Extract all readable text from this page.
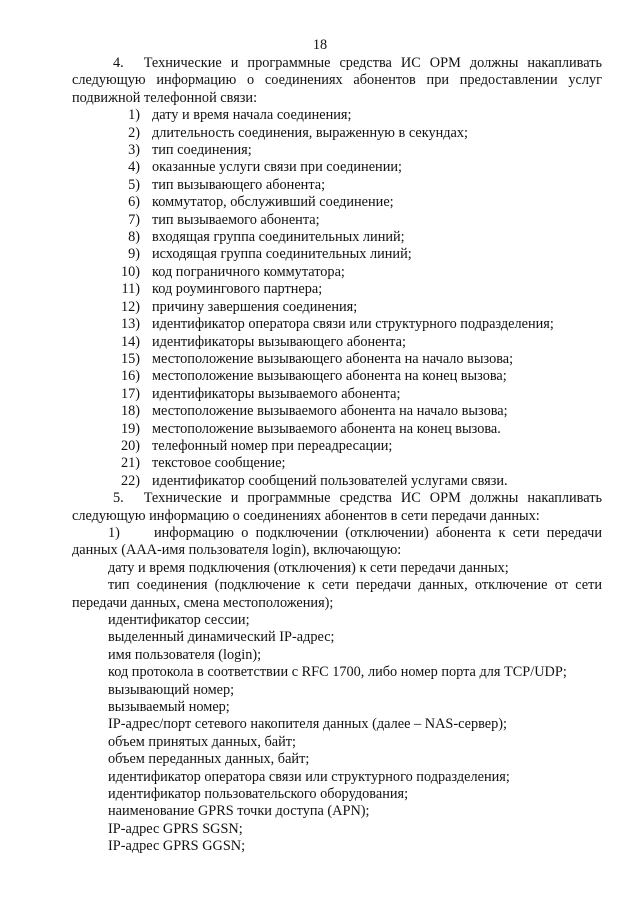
18
4. Технические и программные средства ИС ОРМ должны накапливать
следующую информацию о соединениях абонентов при предоставлении услуг
подвижной телефонной связи:
1) дату и время начала соединения;
2) длительность соединения, выраженную в секундах;
3) тип соединения;
4) оказанные услуги связи при соединении;
5) тип вызывающего абонента;
6) коммутатор, обслуживший соединение;
7) тип вызываемого абонента;
8) входящая группа соединительных линий;
9) исходящая группа соединительных линий;
10) код пограничного коммутатора;
11) код роумингового партнера;
12) причину завершения соединения;
13) идентификатор оператора связи или структурного подразделения;
14) идентификаторы вызывающего абонента;
15) местоположение вызывающего абонента на начало вызова;
16) местоположение вызывающего абонента на конец вызова;
17) идентификаторы вызываемого абонента;
18) местоположение вызываемого абонента на начало вызова;
19) местоположение вызываемого абонента на конец вызова.
20) телефонный номер при переадресации;
21) текстовое сообщение;
22) идентификатор сообщений пользователей услугами связи.
5. Технические и программные средства ИС ОРМ должны накапливать
следующую информацию о соединениях абонентов в сети передачи данных:
1) информацию о подключении (отключении) абонента к сети передачи
данных (AAA-имя пользователя login), включающую:
дату и время подключения (отключения) к сети передачи данных;
тип соединения (подключение к сети передачи данных, отключение от сети
передачи данных, смена местоположения);
идентификатор сессии;
выделенный динамический IP-адрес;
имя пользователя (login);
код протокола в соответствии с RFC 1700, либо номер порта для TCP/UDP;
вызывающий номер;
вызываемый номер;
IP-адрес/порт сетевого накопителя данных (далее – NAS-сервер);
объем принятых данных, байт;
объем переданных данных, байт;
идентификатор оператора связи или структурного подразделения;
идентификатор пользовательского оборудования;
наименование GPRS точки доступа (APN);
IP-адрес GPRS SGSN;
IP-адрес GPRS GGSN;
